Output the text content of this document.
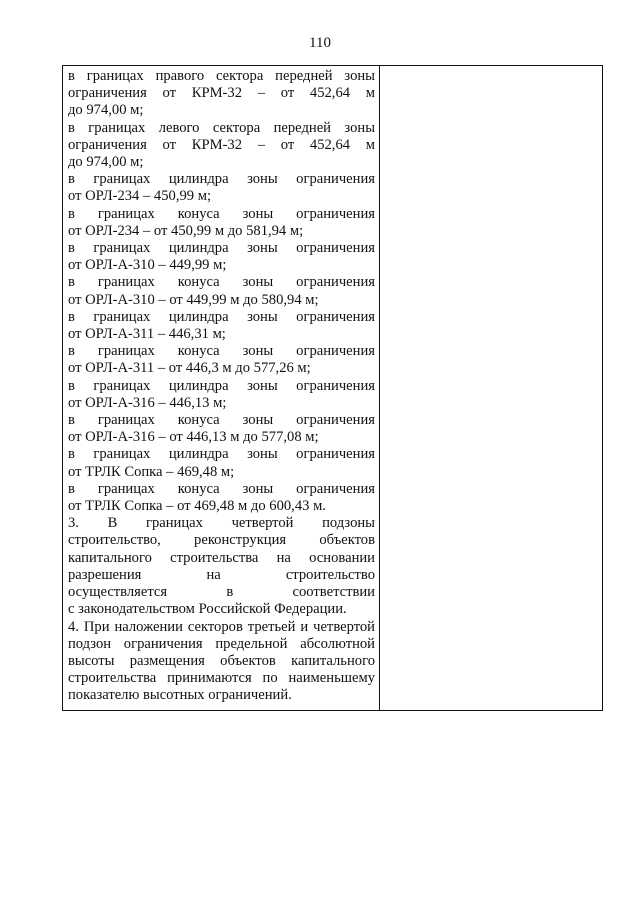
110
в границах правого сектора передней зоны
ограничения от КРМ-32 – от 452,64 м
до 974,00 м;
в границах левого сектора передней зоны
ограничения от КРМ-32 – от 452,64 м
до 974,00 м;
в границах цилиндра зоны ограничения
от ОРЛ-234 – 450,99 м;
в границах конуса зоны ограничения
от ОРЛ-234 – от 450,99 м до 581,94 м;
в границах цилиндра зоны ограничения
от ОРЛ-А-310 – 449,99 м;
в границах конуса зоны ограничения
от ОРЛ-А-310 – от 449,99 м до 580,94 м;
в границах цилиндра зоны ограничения
от ОРЛ-А-311 – 446,31 м;
в границах конуса зоны ограничения
от ОРЛ-А-311 – от 446,3 м до 577,26 м;
в границах цилиндра зоны ограничения
от ОРЛ-А-316 – 446,13 м;
в границах конуса зоны ограничения
от ОРЛ-А-316 – от 446,13 м до 577,08 м;
в границах цилиндра зоны ограничения
от ТРЛК Сопка – 469,48 м;
в границах конуса зоны ограничения
от ТРЛК Сопка – от 469,48 м до 600,43 м.
3. В границах четвертой подзоны
строительство, реконструкция объектов
капитального строительства на основании
разрешения на строительство
осуществляется в соответствии
с законодательством Российской Федерации.
4. При наложении секторов третьей и четвертой
подзон ограничения предельной абсолютной
высоты размещения объектов капитального
строительства принимаются по наименьшему
показателю высотных ограничений.
